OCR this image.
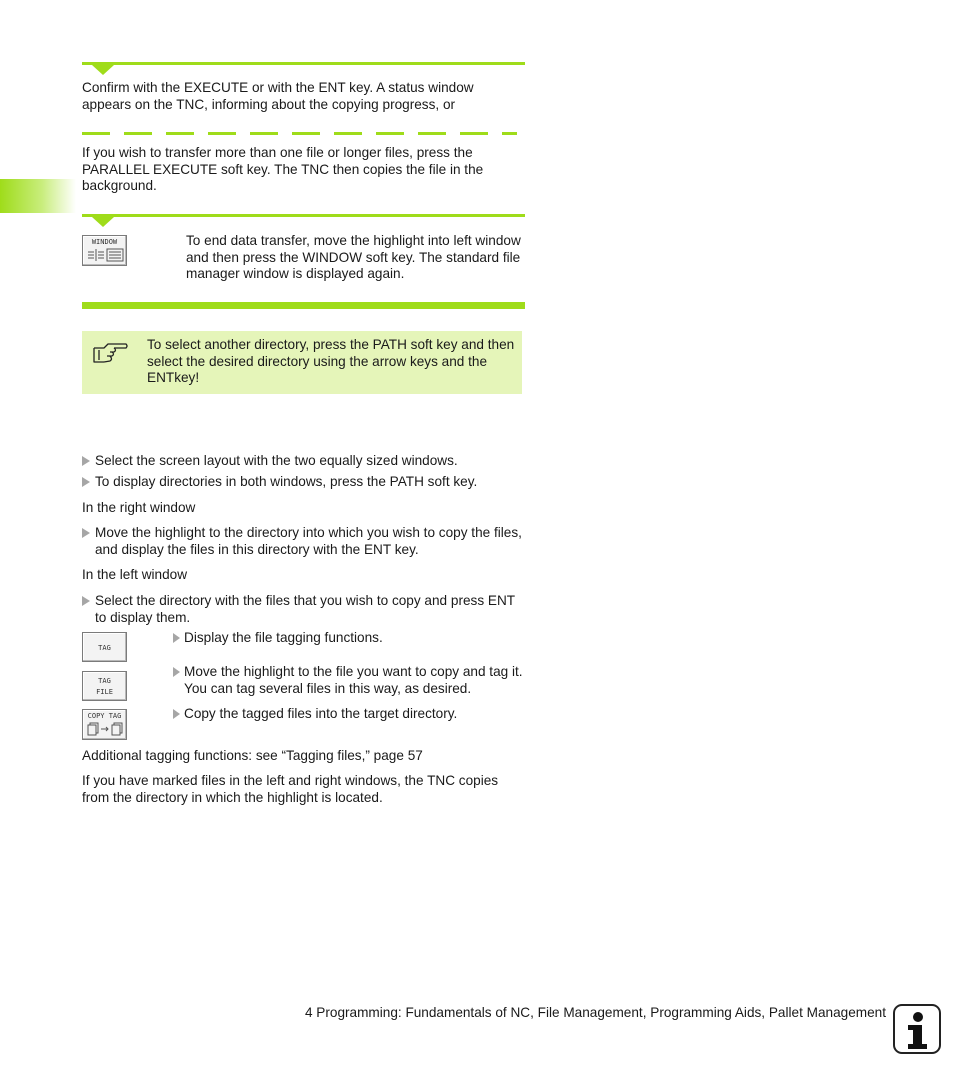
Confirm with the EXECUTE or with the ENT key. A status window appears on the TNC, informing about the copying progress, or
If you wish to transfer more than one file or longer files, press the PARALLEL EXECUTE soft key. The TNC then copies the file in the background.
WINDOW	To end data transfer, move the highlight into left window and then press the WINDOW soft key. The standard file manager window is displayed again.
To select another directory, press the PATH soft key and then select the desired directory using the arrow keys and the ENTkey!
Select the screen layout with the two equally sized windows.
To display directories in both windows, press the PATH soft key.
In the right window
Move the highlight to the directory into which you wish to copy the files, and display the files in this directory with the ENT key.
In the left window
Select the directory with the files that you wish to copy and press ENT to display them.
TAG
Display the file tagging functions.
TAG
FILE
Move the highlight to the file you want to copy and tag it. You can tag several files in this way, as desired.
COPY TAG	Copy the tagged files into the target directory.
Additional tagging functions: see “Tagging files,” page 57
If you have marked files in the left and right windows, the TNC copies from the directory in which the highlight is located.
4 Programming: Fundamentals of NC, File Management, Programming Aids, Pallet Management
